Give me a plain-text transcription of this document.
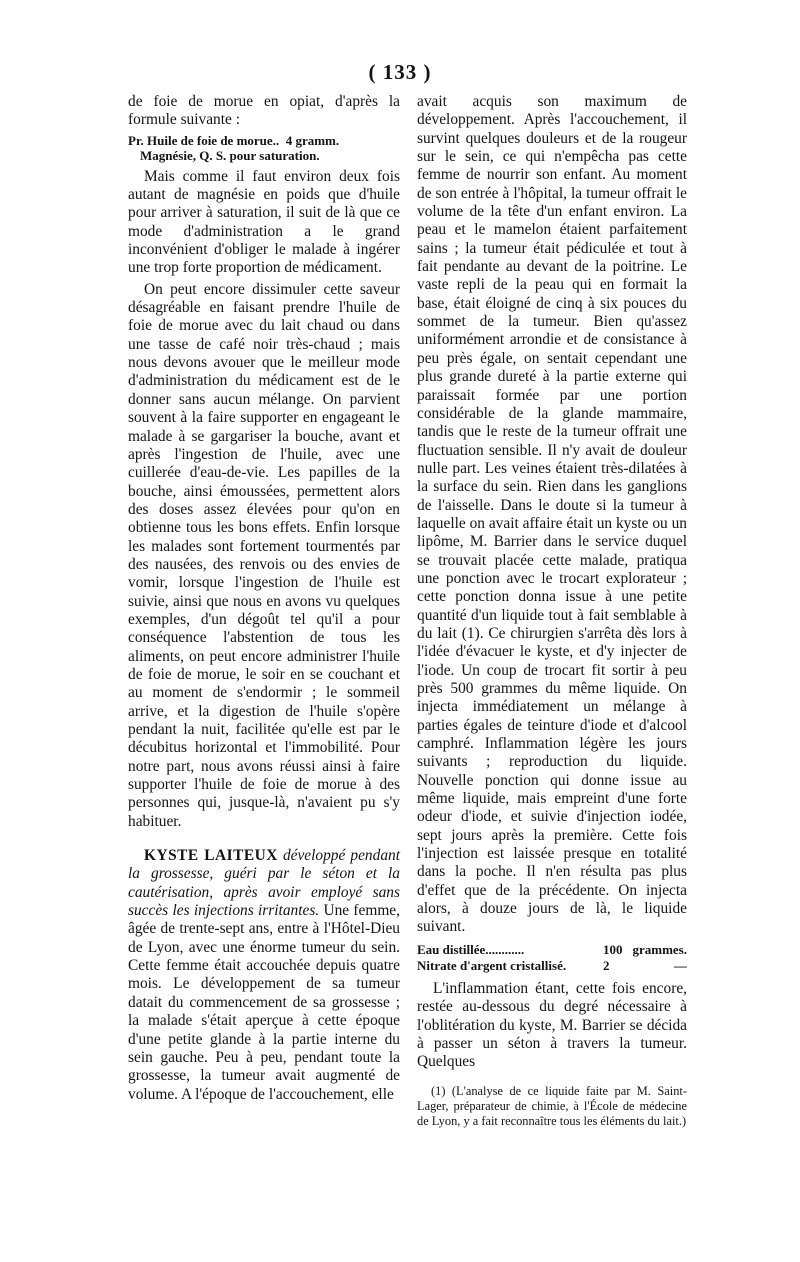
( 133 )

de foie de morue en opiat, d'après la formule suivante :

Pr. Huile de foie de morue.. 4 gramm.
Magnésie, Q. S. pour saturation.

Mais comme il faut environ deux fois autant de magnésie en poids que d'huile pour arriver à saturation, il suit de là que ce mode d'administration a le grand inconvénient d'obliger le malade à ingérer une trop forte proportion de médicament.

On peut encore dissimuler cette saveur désagréable en faisant prendre l'huile de foie de morue avec du lait chaud ou dans une tasse de café noir très-chaud ; mais nous devons avouer que le meilleur mode d'administration du médicament est de le donner sans aucun mélange. On parvient souvent à la faire supporter en engageant le malade à se gargariser la bouche, avant et après l'ingestion de l'huile, avec une cuillerée d'eau-de-vie. Les papilles de la bouche, ainsi émoussées, permettent alors des doses assez élevées pour qu'on en obtienne tous les bons effets. Enfin lorsque les malades sont fortement tourmentés par des nausées, des renvois ou des envies de vomir, lorsque l'ingestion de l'huile est suivie, ainsi que nous en avons vu quelques exemples, d'un dégoût tel qu'il a pour conséquence l'abstention de tous les aliments, on peut encore administrer l'huile de foie de morue, le soir en se couchant et au moment de s'endormir ; le sommeil arrive, et la digestion de l'huile s'opère pendant la nuit, facilitée qu'elle est par le décubitus horizontal et l'immobilité. Pour notre part, nous avons réussi ainsi à faire supporter l'huile de foie de morue à des personnes qui, jusque-là, n'avaient pu s'y habituer.

KYSTE LAITEUX développé pendant la grossesse, guéri par le séton et la cautérisation, après avoir employé sans succès les injections irritantes. Une femme, âgée de trente-sept ans, entre à l'Hôtel-Dieu de Lyon, avec une énorme tumeur du sein. Cette femme était accouchée depuis quatre mois. Le développement de sa tumeur datait du commencement de sa grossesse ; la malade s'était aperçue à cette époque d'une petite glande à la partie interne du sein gauche. Peu à peu, pendant toute la grossesse, la tumeur avait augmenté de volume. A l'époque de l'accouchement, elle

avait acquis son maximum de développement. Après l'accouchement, il survint quelques douleurs et de la rougeur sur le sein, ce qui n'empêcha pas cette femme de nourrir son enfant. Au moment de son entrée à l'hôpital, la tumeur offrait le volume de la tête d'un enfant environ. La peau et le mamelon étaient parfaitement sains ; la tumeur était pédiculée et tout à fait pendante au devant de la poitrine. Le vaste repli de la peau qui en formait la base, était éloigné de cinq à six pouces du sommet de la tumeur. Bien qu'assez uniformément arrondie et de consistance à peu près égale, on sentait cependant une plus grande dureté à la partie externe qui paraissait formée par une portion considérable de la glande mammaire, tandis que le reste de la tumeur offrait une fluctuation sensible. Il n'y avait de douleur nulle part. Les veines étaient très-dilatées à la surface du sein. Rien dans les ganglions de l'aisselle. Dans le doute si la tumeur à laquelle on avait affaire était un kyste ou un lipôme, M. Barrier dans le service duquel se trouvait placée cette malade, pratiqua une ponction avec le trocart explorateur ; cette ponction donna issue à une petite quantité d'un liquide tout à fait semblable à du lait (1). Ce chirurgien s'arrêta dès lors à l'idée d'évacuer le kyste, et d'y injecter de l'iode. Un coup de trocart fit sortir à peu près 500 grammes du même liquide. On injecta immédiatement un mélange à parties égales de teinture d'iode et d'alcool camphré. Inflammation légère les jours suivants ; reproduction du liquide. Nouvelle ponction qui donne issue au même liquide, mais empreint d'une forte odeur d'iode, et suivie d'injection iodée, sept jours après la première. Cette fois l'injection est laissée presque en totalité dans la poche. Il n'en résulta pas plus d'effet que de la précédente. On injecta alors, à douze jours de là, le liquide suivant.

Eau distillée............	100 grammes.
Nitrate d'argent cristallisé.	2	—

L'inflammation étant, cette fois encore, restée au-dessous du degré nécessaire à l'oblitération du kyste, M. Barrier se décida à passer un séton à travers la tumeur. Quelques

(1) (L'analyse de ce liquide faite par M. Saint-Lager, préparateur de chimie, à l'École de médecine de Lyon, y a fait reconnaître tous les éléments du lait.)
